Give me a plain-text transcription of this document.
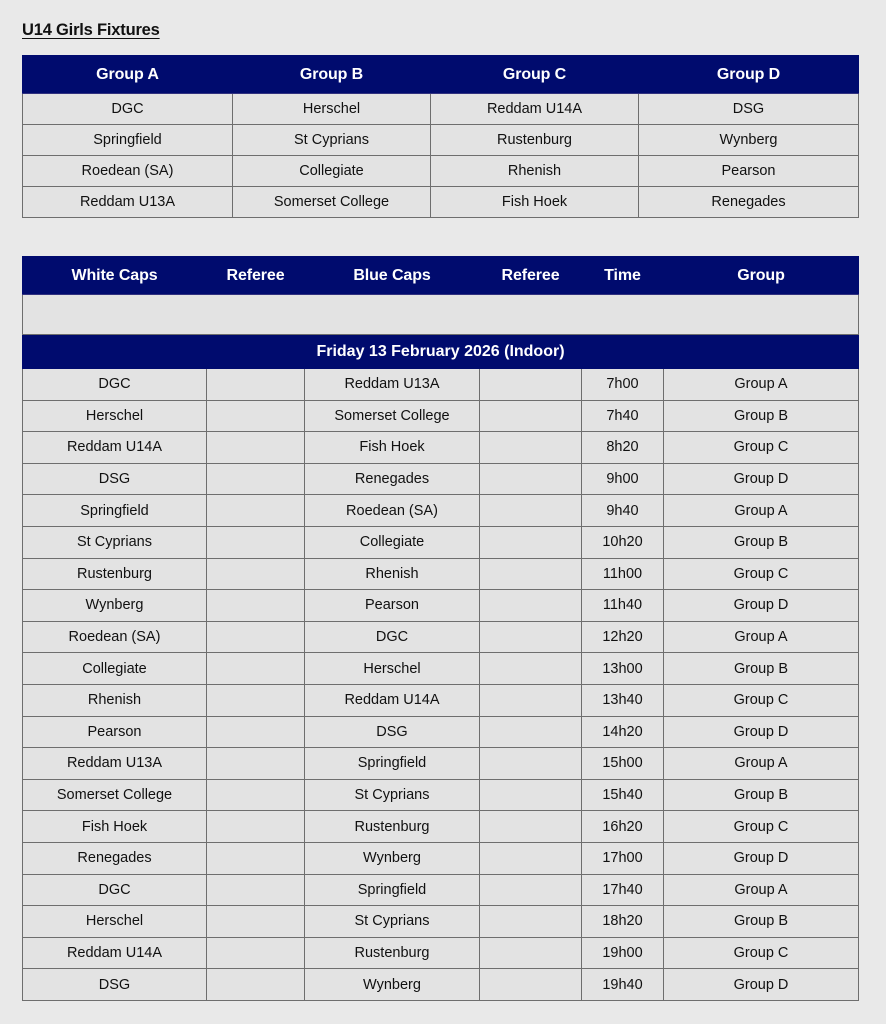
U14 Girls Fixtures
Group A	Group B	Group C	Group D
DGC	Herschel	Reddam U14A	DSG
Springfield	St Cyprians	Rustenburg	Wynberg
Roedean (SA)	Collegiate	Rhenish	Pearson
Reddam U13A	Somerset College	Fish Hoek	Renegades
White Caps	Referee	Blue Caps	Referee	Time	Group

Friday 13 February 2026 (Indoor)					
DGC		Reddam U13A		7h00	Group A
Herschel		Somerset College		7h40	Group B
Reddam U14A		Fish Hoek		8h20	Group C
DSG		Renegades		9h00	Group D
Springfield		Roedean (SA)		9h40	Group A
St Cyprians		Collegiate		10h20	Group B
Rustenburg		Rhenish		11h00	Group C
Wynberg		Pearson		11h40	Group D
Roedean (SA)		DGC		12h20	Group A
Collegiate		Herschel		13h00	Group B
Rhenish		Reddam U14A		13h40	Group C
Pearson		DSG		14h20	Group D
Reddam U13A		Springfield		15h00	Group A
Somerset College		St Cyprians		15h40	Group B
Fish Hoek		Rustenburg		16h20	Group C
Renegades		Wynberg		17h00	Group D
DGC		Springfield		17h40	Group A
Herschel		St Cyprians		18h20	Group B
Reddam U14A		Rustenburg		19h00	Group C
DSG		Wynberg		19h40	Group D
